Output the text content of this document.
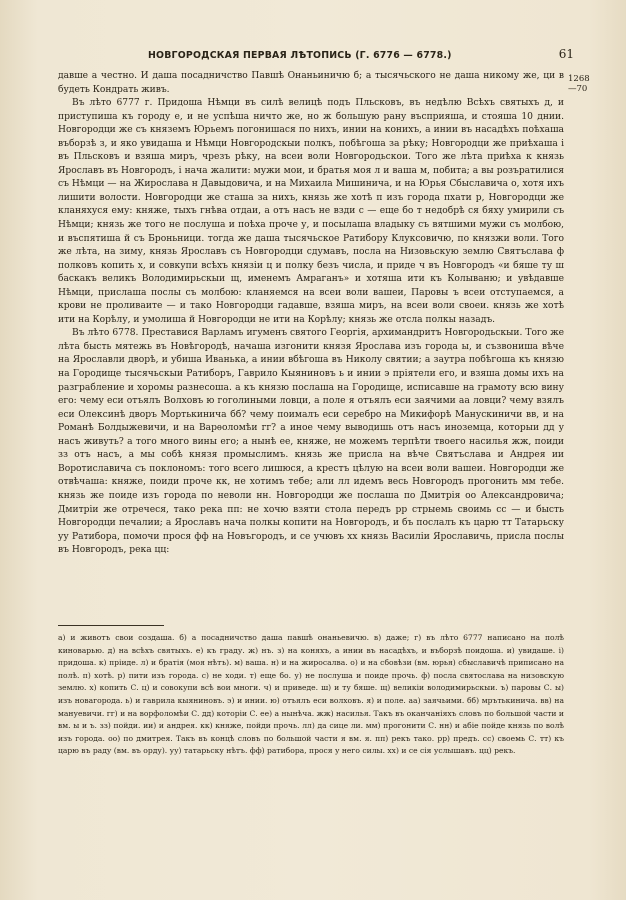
НОВГОРОДСКАЯ ПЕРВАЯ ЛѢТОПИСЬ (Г. 6776 — 6778.)	61
1268
—70

давше а честно. И даша посадничство Павшѣ Онаньиничю б; а тысячьского не даша никому же, ци в будеть Кондрать живъ.

Въ лѣто 6777 г. Придоша Нѣмци въ силѣ велицѣ подъ Пльсковъ, въ недѣлю Всѣхъ святыхъ д, и приступиша къ городу е, и не успѣша ничто же, но ж большую рану въсприяша, и стояша 10 днии. Новгородци же съ княземъ Юрьемъ погонишася по нихъ, инии на конихъ, а инии въ насадѣхъ поѣхаша въборзѣ з, и яко увидаша и Нѣмци Новгородскыи полкъ, побѣгоша за рѣку; Новгородци же приѣхаша і въ Пльсковъ и взяша миръ, чрезъ рѣку, на всеи воли Новгородьскои. Того же лѣта приѣха к князь Ярославъ въ Новгородъ, і нача жалити: мужи мои, и братья моя л и ваша м, побита; а вы розъратилися съ Нѣмци — на Жирослава н Давыдовича, и на Михаила Мишинича, и на Юрья Сбыславича о, хотя ихъ лишити волости. Новгородци же сташа за нихъ, князь же хотѣ п изъ города пхати р, Новгородци же кланяхуся ему: княже, тыхъ гнѣва отдаи, а отъ насъ не взди с — еще бо т недобрѣ ся бяху умирили съ Нѣмци; князь же того не послуша и поѣха проче у, и посылаша владыку съ вятшими мужи съ молбою, и въспятиша й съ Броньници. тогда же даша тысячьское Ратибору Клуксовичю, по князжи воли. Того же лѣта, на зиму, князь Ярославъ съ Новгородци сдумавъ, посла на Низовьскую землю Святъслава ф полковъ копить х, и совкупи всѣхъ князiи ц и полку безъ числа, и приде ч въ Новгородъ «и бяше ту ш баскакъ великъ Володимирьскыи щ, именемъ Амраганъ» и хотяша ити къ Колываню; и увѣдавше Нѣмци, прислаша послы съ молбою: кланяемся на всеи воли вашеи, Паровы ъ всеи отступаемся, а крови не проливаите — и тако Новгородци гадавше, взяша миръ, на всеи воли своеи. князь же хотѣ ити на Корѣлу, и умолиша й Новгородци не ити на Корѣлу; князь же отсла полкы назадъ.

Въ лѣто 6778. Преставися Варламъ игуменъ святого Георгiя, архимандритъ Новгородьскыи. Того же лѣта бысть мятежь въ Новѣгородѣ, начаша изгонити князя Ярослава изъ города ы, и съзвониша вѣче на Ярославли дворѣ, и убиша Иванька, а инии вбѣгоша въ Николу святии; а заутра побѣгоша къ князю на Городище тысячьскыи Ратиборъ, Гаврило Кыяниновъ ь и инии э прiятели его, и взяша домы ихъ на разграбление и хоромы разнесоша. а къ князю послаша на Городище, исписавше на грамоту всю вину его: чему еси отъялъ Волховъ ю гоголиными ловци, а поле я отъялъ еси заячими аа ловци? чему взялъ еси Олексинѣ дворъ Мортькинича бб? чему поималъ еси серебро на Микифорѣ Манускиничи вв, и на Романѣ Болдыжевичи, и на Варѳоломѣи гг? а иное чему выводишь отъ насъ иноземца, которыи дд у насъ живуть? а того много вины его; а нынѣ ее, княже, не можемъ терпѣти твоего насилья жж, поиди зз отъ насъ, а мы собѣ князя промыслимъ. князь же присла на вѣче Святъслава и Андрея ии Воротиславича съ поклономъ: того всего лишюся, а крестъ цѣлую на всеи воли вашеи. Новгородци же отвѣчаша: княже, поиди проче кк, не хотимъ тебе; али лл идемъ весь Новгородъ прогонить мм тебе. князь же поиде изъ города по неволи нн. Новгородци же послаша по Дмитрiя оо Александровича; Дмитрiи же отречеся, тако река пп: не хочю взяти стола передъ рр стрыемь своимь сс — и бысть Новгородци печалии; а Ярославъ нача полкы копити на Новгородъ, и бъ послалъ къ царю тт Татарьску уу Ратибора, помочи прося фф на Новъгородъ, и се учювъ хх князь Василiи Ярославичь, присла послы въ Новгородъ, река цц:

а) и животъ свои создаша. б) а посадничство даша павшѣ онаньевичю. в) даже; г) въ лѣто 6777 написано на полѣ киноварью. д) на всѣхъ святыхъ. е) къ граду. ж) нъ. з) на коняхъ, а инии въ насадѣхъ, и въборзѣ поидоша. и) увидаше. і) придоша. к) прiиде. л) и братiя (моя нѣтъ). м) ваша. н) и на жиросалва. о) и на сбовѣзи (вм. юрья) сбыславичѣ приписано на полѣ. п) хотѣ. р) пити изъ города. с) не ходи. т) еще бо. у) не послуша и поиде прочь. ф) посла святослава на низовскую землю. х) копить С. ц) и совокупи всѣ вои многи. ч) и приведе. ш) и ту бяше. щ) великiи володимирьскыи. ъ) паровы С. ы) изъ новагорода. ь) и гаврила кыяниновъ. э) и инии. ю) отъялъ еси волховъ. я) и поле. аа) заячьими. бб) мрътькинича. вв) на мануевичи. гг) и на ворфоломѣи С. дд) которiи С. ее) а нынѣча. жж) насилья. Такъ въ оканчаніяхъ словъ по большой части и вм. ы и ъ. зз) пойди. ии) и андрея. кк) княже, пойди прочь. лл) да сице ли. мм) прогонити С. нн) и абiе пойде князь по волѣ изъ города. оо) по дмитрея. Такъ въ концѣ словъ по большой части я вм. я. пп) рекъ тако. рр) предъ. сс) своемь С. тт) къ царю въ раду (вм. въ орду). уу) татарьску нѣтъ. фф) ратибора, прося у него силы. хх) и се сія услышавъ. цц) рекъ.
